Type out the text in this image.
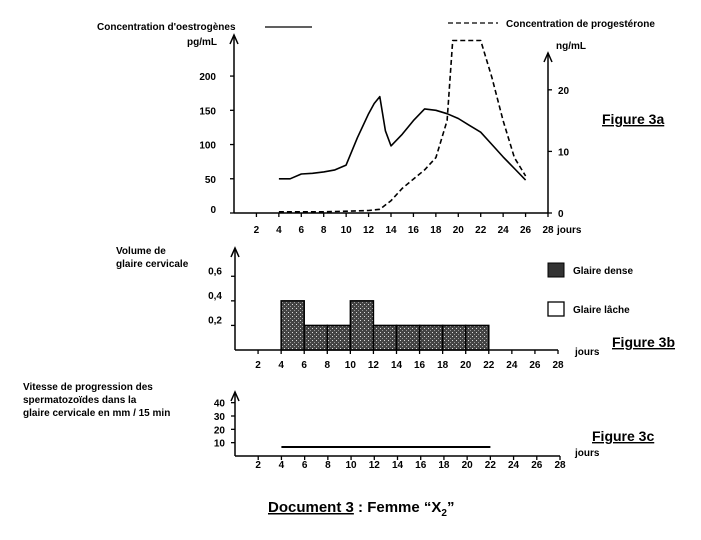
Concentration d'oestrogènes	Concentration de progestérone
pg/mL	ng/mL
Figure 3a
0
50
100
150
200
0
10
20
2 4 6 8 10 12 14 16 18 20 22 24 26 28 jours
Volume de
glaire cervicale
Glaire dense
Glaire lâche
Figure 3b
0,2
0,4
0,6
2 4 6 8 10 12 14 16 18 20 22 24 26 28
jours
Vitesse de progression des
spermatozoïdes dans la
glaire cervicale en mm / 15 min
Figure 3c
10
20
30
40
2 4 6 8 10 12 14 16 18 20 22 24 26 28
jours
Document 3 : Femme “$X_2$”
